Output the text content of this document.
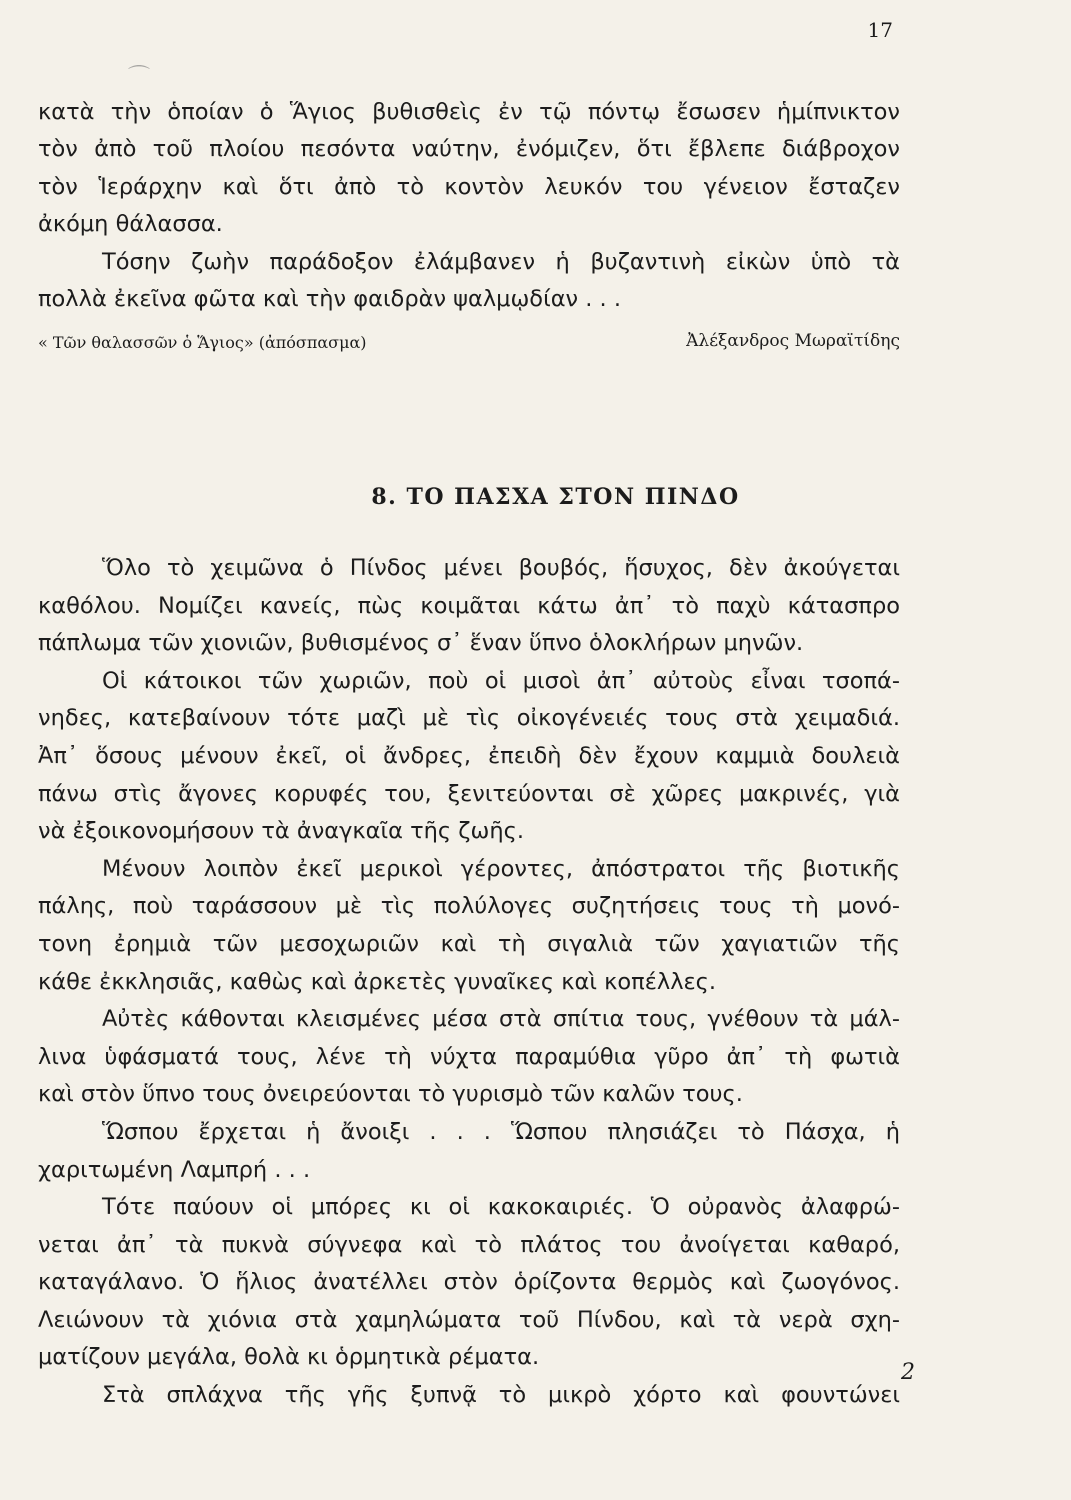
17
⌒
κατὰ τὴν ὁποίαν ὁ Ἅγιος βυθισθεὶς ἐν τῷ πόντῳ ἔσωσεν ἡμίπνικτον
τὸν ἀπὸ τοῦ πλοίου πεσόντα ναύτην, ἐνόμιζεν, ὅτι ἔβλεπε διάβροχον
τὸν Ἱεράρχην καὶ ὅτι ἀπὸ τὸ κοντὸν λευκόν του γένειον ἔσταζεν
ἀκόμη θάλασσα.
Τόσην ζωὴν παράδοξον ἐλάμβανεν ἡ βυζαντινὴ εἰκὼν ὑπὸ τὰ
πολλὰ ἐκεῖνα φῶτα καὶ τὴν φαιδρὰν ψαλμῳδίαν . . .
« Τῶν θαλασσῶν ὁ Ἅγιος» (ἀπόσπασμα)	Ἀλέξανδρος Μωραϊτίδης
8. ΤΟ ΠΑΣΧΑ ΣΤΟΝ ΠΙΝΔΟ
Ὅλο τὸ χειμῶνα ὁ Πίνδος μένει βουβός, ἥσυχος, δὲν ἀκούγεται
καθόλου. Νομίζει κανείς, πὼς κοιμᾶται κάτω ἀπ᾽ τὸ παχὺ κάτασπρο
πάπλωμα τῶν χιονιῶν, βυθισμένος σ᾽ ἕναν ὕπνο ὁλοκλήρων μηνῶν.
Οἱ κάτοικοι τῶν χωριῶν, ποὺ οἱ μισοὶ ἀπ᾽ αὐτοὺς εἶναι τσοπά-
νηδες, κατεβαίνουν τότε μαζὶ μὲ τὶς οἰκογένειές τους στὰ χειμαδιά.
Ἀπ᾽ ὅσους μένουν ἐκεῖ, οἱ ἄνδρες, ἐπειδὴ δὲν ἔχουν καμμιὰ δουλειὰ
πάνω στὶς ἄγονες κορυφές του, ξενιτεύονται σὲ χῶρες μακρινές, γιὰ
νὰ ἐξοικονομήσουν τὰ ἀναγκαῖα τῆς ζωῆς.
Μένουν λοιπὸν ἐκεῖ μερικοὶ γέροντες, ἀπόστρατοι τῆς βιοτικῆς
πάλης, ποὺ ταράσσουν μὲ τὶς πολύλογες συζητήσεις τους τὴ μονό-
τονη ἐρημιὰ τῶν μεσοχωριῶν καὶ τὴ σιγαλιὰ τῶν χαγιατιῶν τῆς
κάθε ἐκκλησιᾶς, καθὼς καὶ ἀρκετὲς γυναῖκες καὶ κοπέλλες.
Αὐτὲς κάθονται κλεισμένες μέσα στὰ σπίτια τους, γνέθουν τὰ μάλ-
λινα ὑφάσματά τους, λένε τὴ νύχτα παραμύθια γῦρο ἀπ᾽ τὴ φωτιὰ
καὶ στὸν ὕπνο τους ὀνειρεύονται τὸ γυρισμὸ τῶν καλῶν τους.
Ὥσπου ἔρχεται ἡ ἄνοιξι . . . Ὥσπου πλησιάζει τὸ Πάσχα, ἡ
χαριτωμένη Λαμπρή . . .
Τότε παύουν οἱ μπόρες κι οἱ κακοκαιριές. Ὁ οὐρανὸς ἀλαφρώ-
νεται ἀπ᾽ τὰ πυκνὰ σύγνεφα καὶ τὸ πλάτος του ἀνοίγεται καθαρό,
καταγάλανο. Ὁ ἥλιος ἀνατέλλει στὸν ὁρίζοντα θερμὸς καὶ ζωογόνος.
Λειώνουν τὰ χιόνια στὰ χαμηλώματα τοῦ Πίνδου, καὶ τὰ νερὰ σχη-
ματίζουν μεγάλα, θολὰ κι ὁρμητικὰ ρέματα.
Στὰ σπλάχνα τῆς γῆς ξυπνᾷ τὸ μικρὸ χόρτο καὶ φουντώνει
2
